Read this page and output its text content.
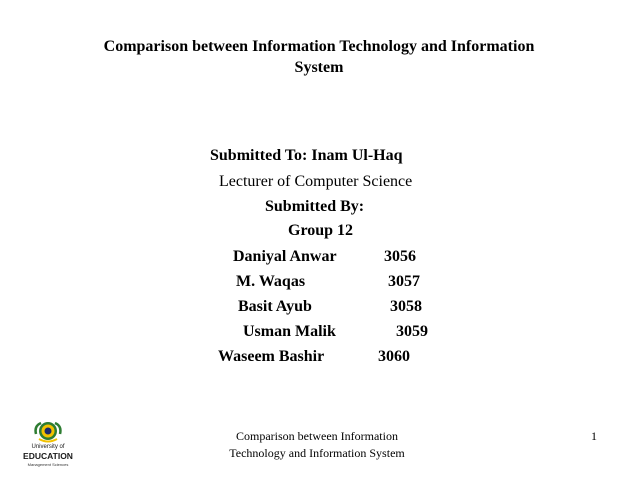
Comparison between Information Technology and Information
System
Submitted To: Inam Ul-Haq
Lecturer of Computer Science
Submitted By:
Group 12
Daniyal Anwar	3056
M. Waqas	3057
Basit Ayub	3058
Usman Malik	3059
Waseem Bashir	3060
University of
EDUCATION
Management Sciences
Comparison between Information
Technology and Information System
1
